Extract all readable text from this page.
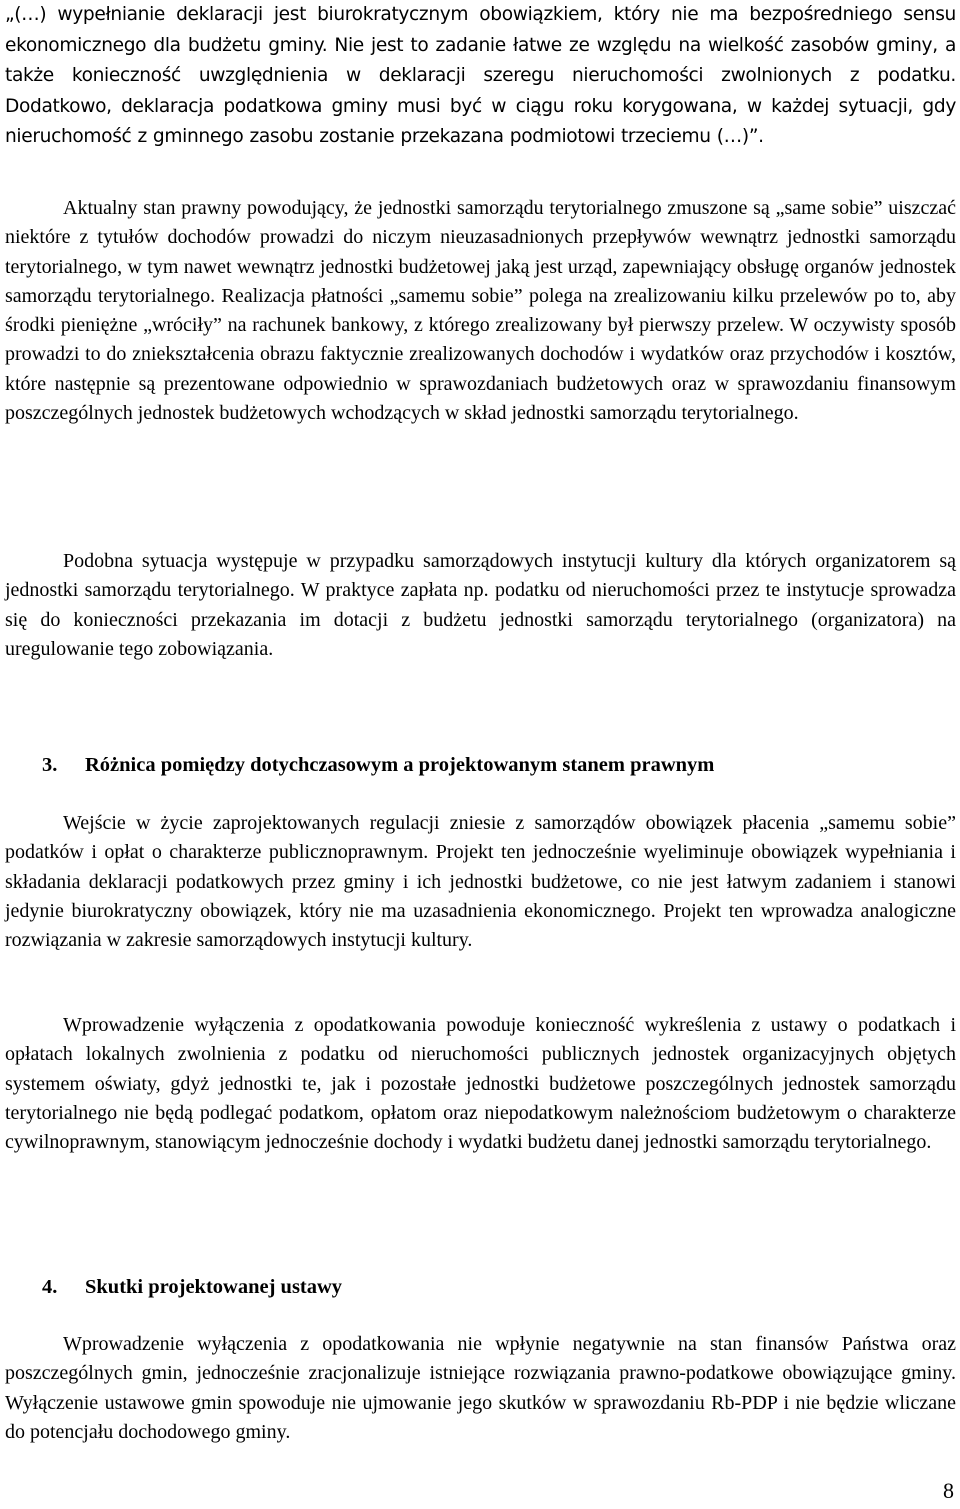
„(…) wypełnianie deklaracji jest biurokratycznym obowiązkiem, który nie ma bezpośredniego sensu ekonomicznego dla budżetu gminy. Nie jest to zadanie łatwe ze względu na wielkość zasobów gminy, a także konieczność uwzględnienia w deklaracji szeregu nieruchomości zwolnionych z podatku. Dodatkowo, deklaracja podatkowa gminy musi być w ciągu roku korygowana, w każdej sytuacji, gdy nieruchomość z gminnego zasobu zostanie przekazana podmiotowi trzeciemu (…)”.

Aktualny stan prawny powodujący, że jednostki samorządu terytorialnego zmuszone są „same sobie” uiszczać niektóre z tytułów dochodów prowadzi do niczym nieuzasadnionych przepływów wewnątrz jednostki samorządu terytorialnego, w tym nawet wewnątrz jednostki budżetowej jaką jest urząd, zapewniający obsługę organów jednostek samorządu terytorialnego. Realizacja płatności „samemu sobie” polega na zrealizowaniu kilku przelewów po to, aby środki pieniężne „wróciły” na rachunek bankowy, z którego zrealizowany był pierwszy przelew. W oczywisty sposób prowadzi to do zniekształcenia obrazu faktycznie zrealizowanych dochodów i wydatków oraz przychodów i kosztów, które następnie są prezentowane odpowiednio w sprawozdaniach budżetowych oraz w sprawozdaniu finansowym poszczególnych jednostek budżetowych wchodzących w skład jednostki samorządu terytorialnego.

Podobna sytuacja występuje w przypadku samorządowych instytucji kultury dla których organizatorem są jednostki samorządu terytorialnego. W praktyce zapłata np. podatku od nieruchomości przez te instytucje sprowadza się do konieczności przekazania im dotacji z budżetu jednostki samorządu terytorialnego (organizatora) na uregulowanie tego zobowiązania.

3. Różnica pomiędzy dotychczasowym a projektowanym stanem prawnym

Wejście w życie zaprojektowanych regulacji zniesie z samorządów obowiązek płacenia „samemu sobie” podatków i opłat o charakterze publicznoprawnym. Projekt ten jednocześnie wyeliminuje obowiązek wypełniania i składania deklaracji podatkowych przez gminy i ich jednostki budżetowe, co nie jest łatwym zadaniem i stanowi jedynie biurokratyczny obowiązek, który nie ma uzasadnienia ekonomicznego. Projekt ten wprowadza analogiczne rozwiązania w zakresie samorządowych instytucji kultury.

Wprowadzenie wyłączenia z opodatkowania powoduje konieczność wykreślenia z ustawy o podatkach i opłatach lokalnych zwolnienia z podatku od nieruchomości publicznych jednostek organizacyjnych objętych systemem oświaty, gdyż jednostki te, jak i pozostałe jednostki budżetowe poszczególnych jednostek samorządu terytorialnego nie będą podlegać podatkom, opłatom oraz niepodatkowym należnościom budżetowym o charakterze cywilnoprawnym, stanowiącym jednocześnie dochody i wydatki budżetu danej jednostki samorządu terytorialnego.

4. Skutki projektowanej ustawy

Wprowadzenie wyłączenia z opodatkowania nie wpłynie negatywnie na stan finansów Państwa oraz poszczególnych gmin, jednocześnie zracjonalizuje istniejące rozwiązania prawno-podatkowe obowiązujące gminy. Wyłączenie ustawowe gmin spowoduje nie ujmowanie jego skutków w sprawozdaniu Rb-PDP i nie będzie wliczane do potencjału dochodowego gminy.

8
